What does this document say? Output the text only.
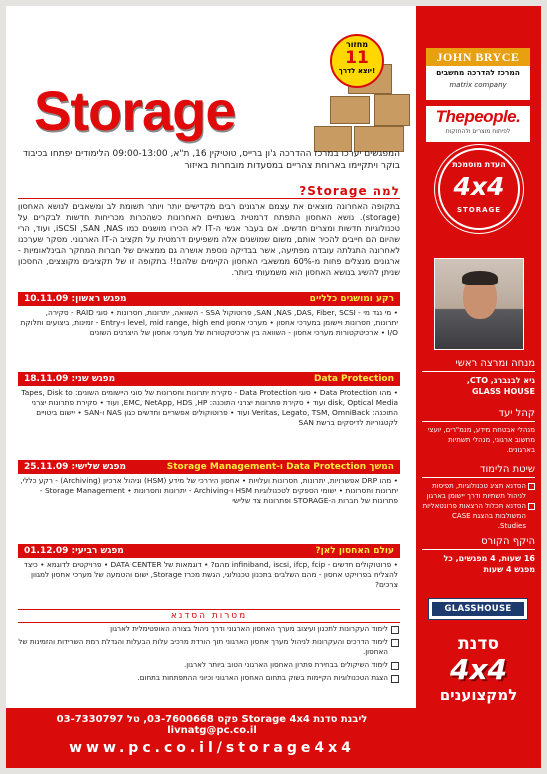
JOHN BRYCE
המרכז להדרכה מחשבים
matrix company
Thepeople.
לפיתוח מוצרים ולהחזקות
העדת מוסמכת
4x4
STORAGE
מנחה ומרצה ראשי
גיא לבנברג, CTO,
GLASS HOUSE
קהל יעד
מנהלי אבטחת מידע, מנמ"רים, יועצי מחשוב ארגוני, מנהלי תשתיות בארגונים.
שיטת הלימוד
הסדנא תציג טכנולוגיות, תפיסות לניהול תשתיות ודרך יישומן בארגון
הסדנא תכלול הרצאות פרונטאליות המשולבות בהצגת CASE Studies.
היקף הקורס
16 שעות, 4 מפגשים, כל מפגש 4 שעות
GLASSHOUSE
סדנת
4x4
למקצוענים
מחזור
11
יוצא לדרך!
Storage
המפגשים יערכו במרכז ההדרכה ג'ון ברייס, טוטיקין 16, ת"א, 09:00-13:00 הלימודים יפתחו בכיבוד בוקר ויתקיימו בארוחת צהריים במסעדות מובחרות באיזור
למה Storage?
בתקופה האחרונה מוצאים את עצמם ארגונים רבים מקדישים יותר ויותר תשומת לב ומשאבים לנושא האחסון (storage). נושא האחסון התפתח דרמטית בשנתיים האחרונות כשהכרות מכריחות חדשות לבקרים על טכנולוגיות חדשות ומצרים חדשים. אם בעבר אנשי ה-IT לא הכירו מושגים כמו iSCSI ,SAN ,NAS, ועוד, הרי שהיום הם חייבים להכיר אותם, משום שמושגים אלה משפיעים דרמטית על תקציב ה-IT הארגוני. מסקר שערכנו לאחרונה התגלתה עובדה מפתיעה, אשר בבדיקה נוספת אושרה גם ממצאים של חברות המחקר הבינלאומיות - ארגונים מנצלים פחות מ-60% ממשאבי האחסון הקיימים שלהם!! בתקופה זו של תקציבים מקוצצים, החסכון שניתן להשיג בנושא האחסון הוא משמעותי ביותר.
רקע ומושגים כלליים
מפגש ראשון: 10.11.09
• מי נגד מי - SAN ,NAS ,DAS, Fiber, SCSI, פרוטוקול SSA - השוואה, יתרונות, חסרונות • סוגי RAID - סקירה, יתרונות, חסרונות ויישומן במערכי אחסון • מערכי אחסון level, mid range, high end ו-Entry - זמינות, ביצועים וחלוקת I/O • ארכיטקטורות מערכי אחסון - השוואה בין ארכיטקטורות של מערכי אחסון של היצרנים השונים
Data Protection
מפגש שני: 18.11.09
• מהו Data Protection • סוגי Data Protection - סקירת יתרונות וחסרונות של סוגי היישומים השונים: Tapes, Disk to disk, Optical Media ועוד • סקירת פתרונות יצרני התוכנה: EMC, NetApp, HDS ,HP, ועוד • סקירת פתרונות יצרני התוכנה: Veritas, Legato, TSM, OmniBack ועוד • פרוטוקולים אפשריים וחדשים כגון NAS ו-SAN • יישום ביטויים לקטגוריות לדיסקים ברשת SAN
המשך Data Protection ו-Storage Management
מפגש שלישי: 25.11.09
• מהו DRP אפשרויות, יתרונות, חסרונות ועלויות • אחסון היררכי של מידע (HSM) וניהול ארכיון (Archiving) - רקע כללי, יתרונות וחסרונות • ישומי הספקים לטכנולוגיות HSM ו-Archiving - יתרונות וחסרונות • Storage Management - פתרונות של חברות ה-STORAGE ופתרונות צד שלישי
עולם האחסון לאן?
מפגש רביעי: 01.12.09
• פרוטוקולים חדשים - infiniband, iscsi, ifcp, fcip מהם? • דוגמאות של DATA CENTER • פרויקטים לדוגמא • כיצד להצליח בפרויקט אחסון - מהם השלבים בתכנון טכנולוגי, הגשת מכרז Storage, ישום והטמעה של מערכי אחסון למגוון צרכים?
מטרות הסדנא
לימוד העקרונות לתכנון ועיצוב מערך האחסון הארגוני ודרך ניהול בצורה האופטימלית לארגון
לימוד הדרכים והעקרונות לניהול מערך אחסון הארגוני תוך הורדת מרכיב עלות הבעלות והגדלת רמת השרידות והזמינות של האחסון.
לימוד השיקולים בבחירת פתרון האחסון הארגוני הטוב ביותר לארגון.
הצגת הטכנולוגיות הקיימות בשוק בתחום האחסון הארגוני וכיוני ההתפתחות בתחום.
ליבנת סדנת Storage 4x4 פקס 03-7600668, טל 03-7330797 livnatg@pc.co.il
www.pc.co.il/storage4x4
